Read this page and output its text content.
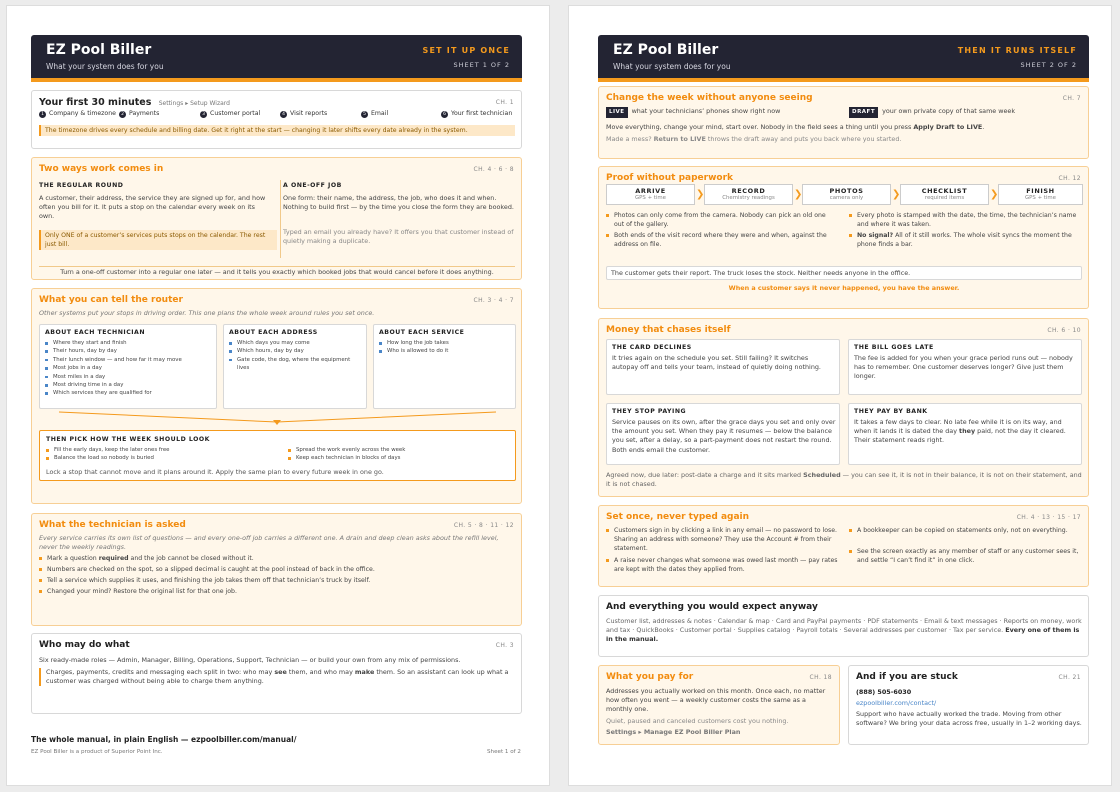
EZ Pool Biller
What your system does for you
SET IT UP ONCE
SHEET 1 OF 2
Your first 30 minutes Settings ▸ Setup Wizard	CH. 1
1 Company & timezone	2 Payments	3 Customer portal	4 Visit reports	5 Email	6 Your first technician
The timezone drives every schedule and billing date. Get it right at the start — changing it later shifts every date already in the system.
Two ways work comes in	CH. 4 · 6 · 8
THE REGULAR ROUND
A customer, their address, the service they are signed up for, and how often you bill for it. It puts a stop on the calendar every week on its own.
Only ONE of a customer’s services puts stops on the calendar. The rest just bill.
A ONE-OFF JOB
One form: their name, the address, the job, who does it and when. Nothing to build first — by the time you close the form they are booked.
Typed an email you already have? It offers you that customer instead of quietly making a duplicate.
Turn a one-off customer into a regular one later — and it tells you exactly which booked jobs that would cancel before it does anything.
What you can tell the router	CH. 3 · 4 · 7
Other systems put your stops in driving order. This one plans the whole week around rules you set once.
ABOUT EACH TECHNICIAN
Where they start and finish
Their hours, day by day
Their lunch window — and how far it may move
Most jobs in a day
Most miles in a day
Most driving time in a day
Which services they are qualified for
ABOUT EACH ADDRESS
Which days you may come
Which hours, day by day
Gate code, the dog, where the equipment lives
ABOUT EACH SERVICE
How long the job takes
Who is allowed to do it
THEN PICK HOW THE WEEK SHOULD LOOK
Fill the early days, keep the later ones free
Balance the load so nobody is buried
Spread the work evenly across the week
Keep each technician in blocks of days
Lock a stop that cannot move and it plans around it. Apply the same plan to every future week in one go.
What the technician is asked	CH. 5 · 8 · 11 · 12
Every service carries its own list of questions — and every one-off job carries a different one. A drain and deep clean asks about the refill level, never the weekly readings.
Mark a question required and the job cannot be closed without it.
Numbers are checked on the spot, so a slipped decimal is caught at the pool instead of back in the office.
Tell a service which supplies it uses, and finishing the job takes them off that technician’s truck by itself.
Changed your mind? Restore the original list for that one job.
Who may do what	CH. 3
Six ready-made roles — Admin, Manager, Billing, Operations, Support, Technician — or build your own from any mix of permissions.
Charges, payments, credits and messaging each split in two: who may see them, and who may make them. So an assistant can look up what a customer was charged without being able to charge them anything.
The whole manual, in plain English — ezpoolbiller.com/manual/
EZ Pool Biller is a product of Superior Point Inc.	Sheet 1 of 2
EZ Pool Biller
What your system does for you
THEN IT RUNS ITSELF
SHEET 2 OF 2
Change the week without anyone seeing	CH. 7
LIVE what your technicians’ phones show right now	DRAFT your own private copy of that same week
Move everything, change your mind, start over. Nobody in the field sees a thing until you press Apply Draft to LIVE.
Made a mess? Return to LIVE throws the draft away and puts you back where you started.
Proof without paperwork	CH. 12
ARRIVE
GPS + time	❯	RECORD
Chemistry readings	❯	PHOTOS
camera only	❯	CHECKLIST
required items	❯	FINISH
GPS + time
Photos can only come from the camera. Nobody can pick an old one out of the gallery.
Both ends of the visit record where they were and when, against the address on file.
Every photo is stamped with the date, the time, the technician’s name and where it was taken.
No signal? All of it still works. The whole visit syncs the moment the phone finds a bar.
The customer gets their report. The truck loses the stock. Neither needs anyone in the office.
When a customer says it never happened, you have the answer.
Money that chases itself	CH. 6 · 10
THE CARD DECLINES
It tries again on the schedule you set. Still failing? It switches autopay off and tells your team, instead of quietly doing nothing.
THE BILL GOES LATE
The fee is added for you when your grace period runs out — nobody has to remember. One customer deserves longer? Give just them longer.
THEY STOP PAYING
Service pauses on its own, after the grace days you set and only over the amount you set. When they pay it resumes — below the balance you set, after a delay, so a part-payment does not restart the round. Both ends email the customer.
THEY PAY BY BANK
It takes a few days to clear. No late fee while it is on its way, and when it lands it is dated the day they paid, not the day it cleared. Their statement reads right.
Agreed now, due later: post-date a charge and it sits marked Scheduled — you can see it, it is not in their balance, it is not on their statement, and it is not chased.
Set once, never typed again	CH. 4 · 13 · 15 · 17
Customers sign in by clicking a link in any email — no password to lose. Sharing an address with someone? They use the Account # from their statement.
A raise never changes what someone was owed last month — pay rates are kept with the dates they applied from.
A bookkeeper can be copied on statements only, not on everything.
See the screen exactly as any member of staff or any customer sees it, and settle “I can’t find it” in one click.
And everything you would expect anyway
Customer list, addresses & notes · Calendar & map · Card and PayPal payments · PDF statements · Email & text messages · Reports on money, work and tax · QuickBooks · Customer portal · Supplies catalog · Payroll totals · Several addresses per customer · Tax per service. Every one of them is in the manual.
What you pay for	CH. 18
Addresses you actually worked on this month. Once each, no matter how often you went — a weekly customer costs the same as a monthly one.
Quiet, paused and canceled customers cost you nothing.
Settings ▸ Manage EZ Pool Biller Plan
And if you are stuck	CH. 21
(888) 505-6030
ezpoolbiller.com/contact/
Support who have actually worked the trade. Moving from other software? We bring your data across free, usually in 1–2 working days.
